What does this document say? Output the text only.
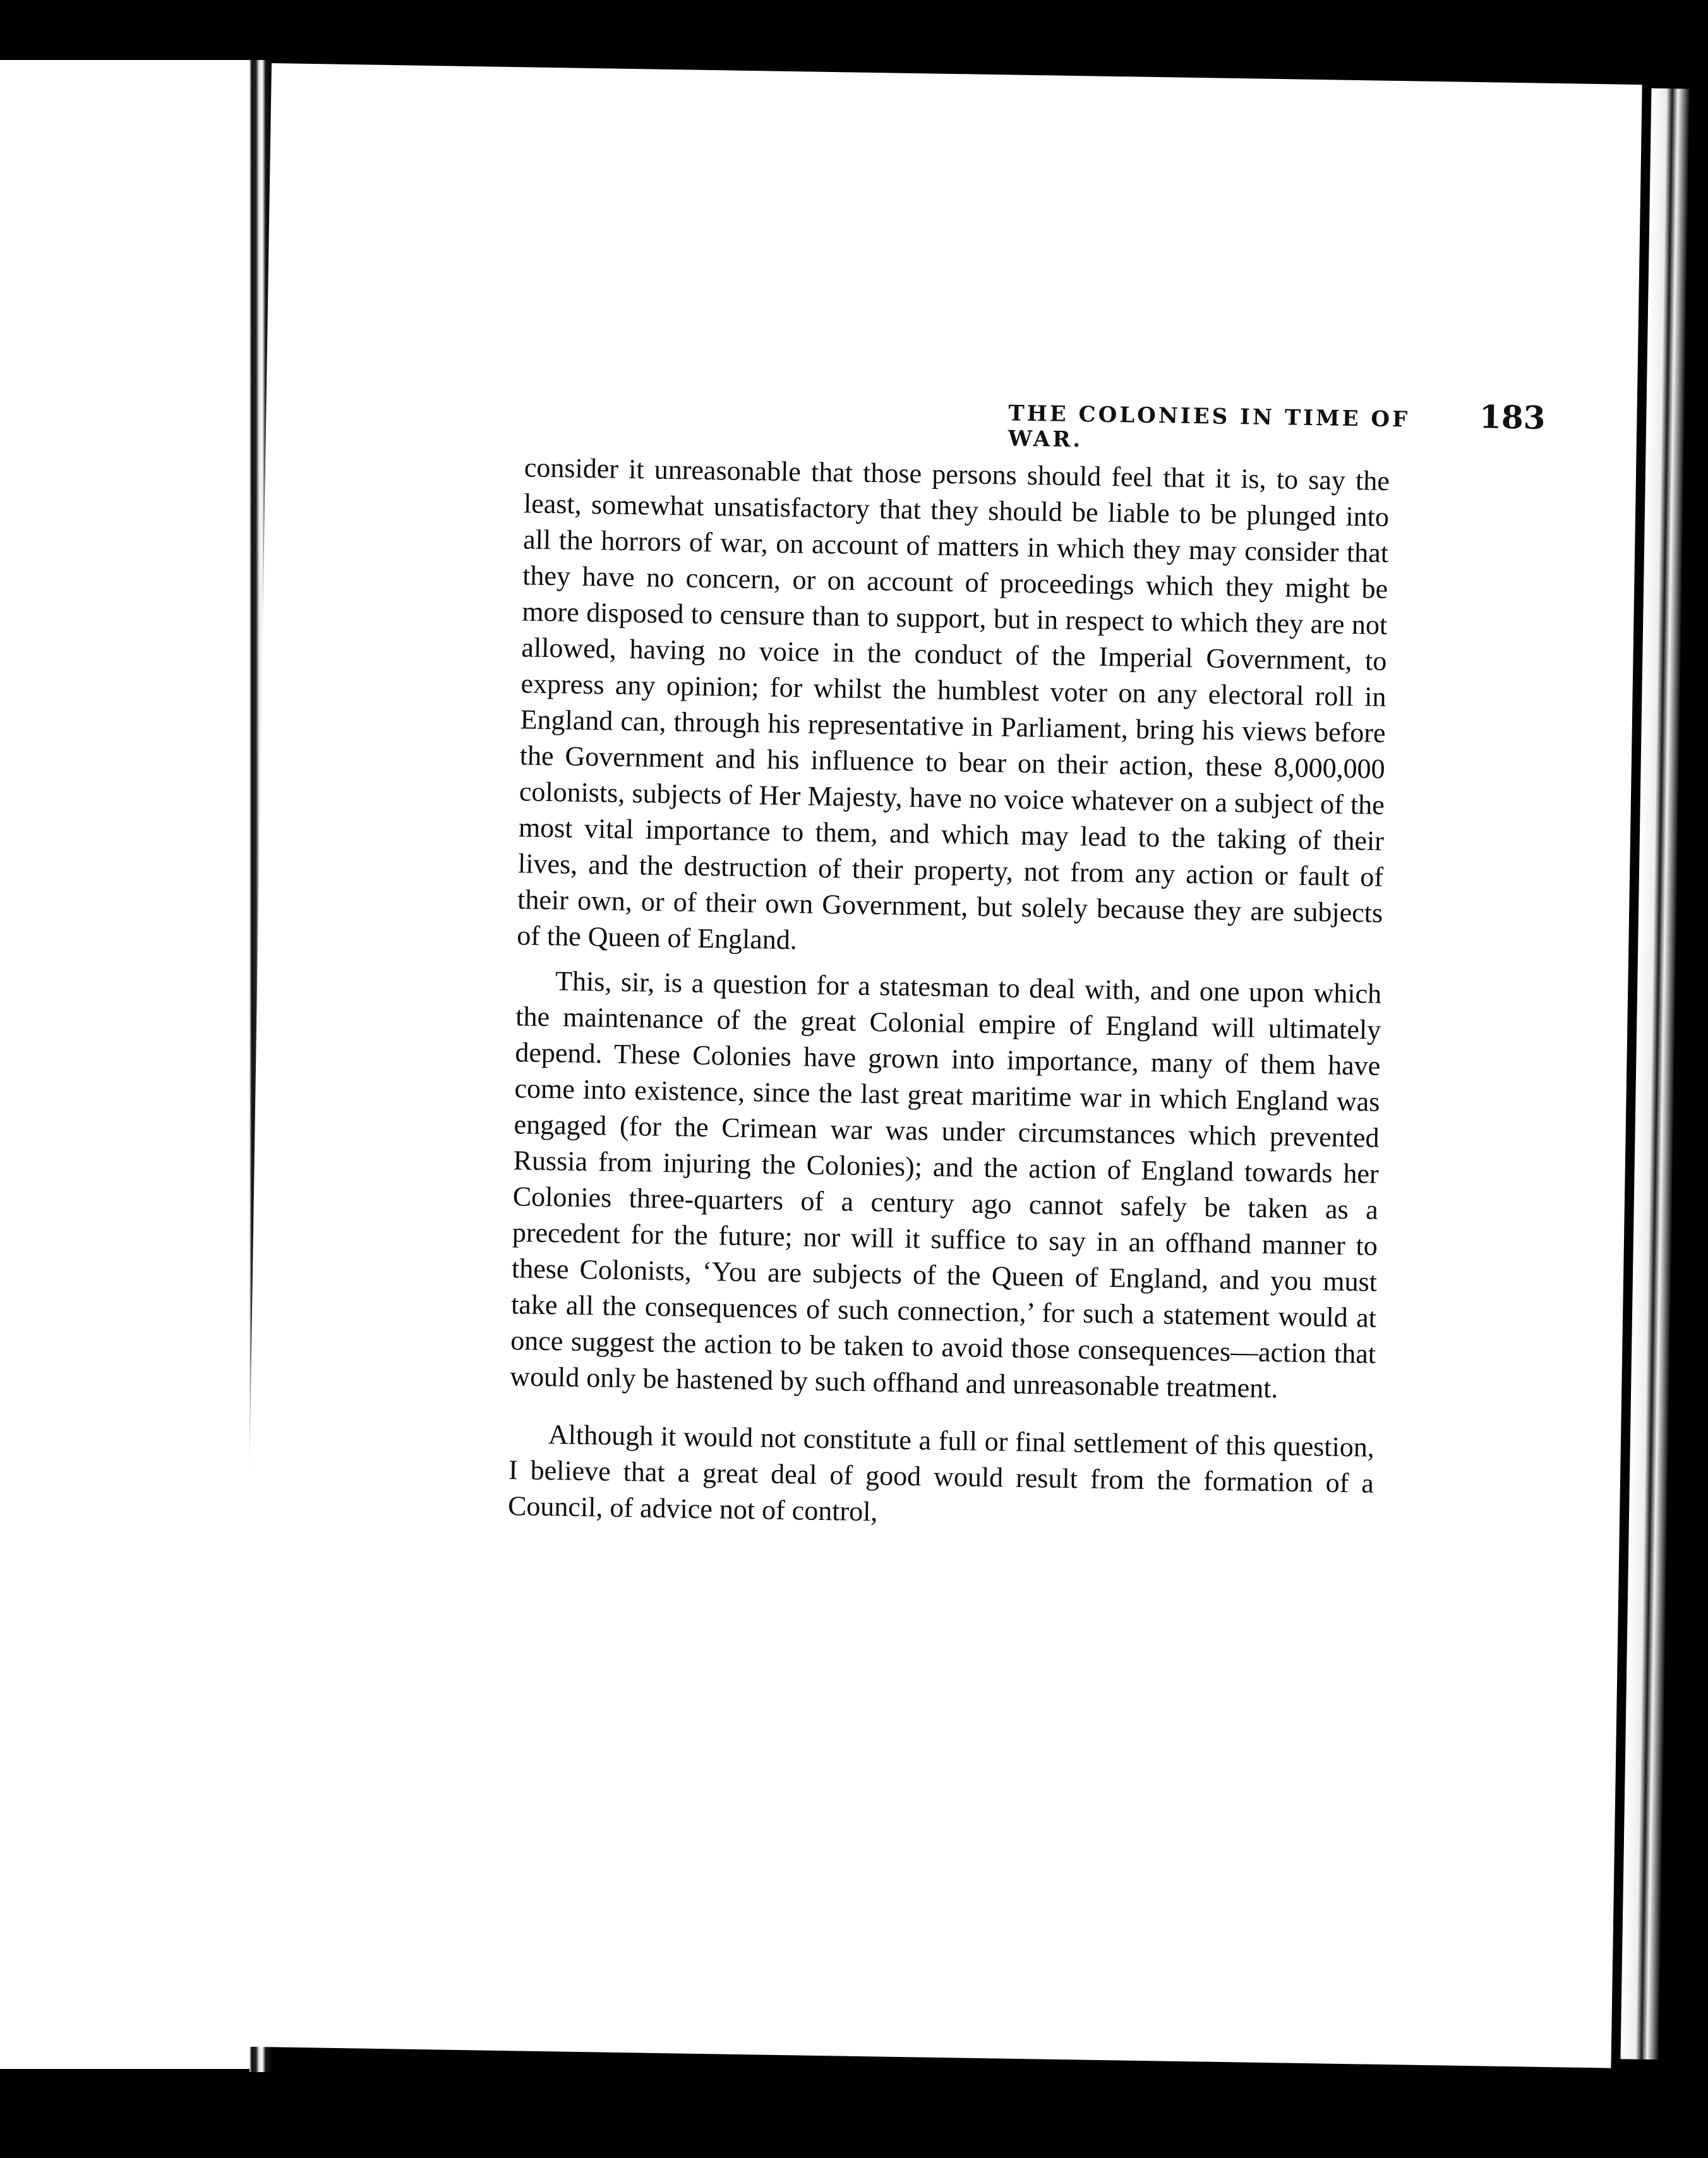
THE COLONIES IN TIME OF WAR.
183

consider it unreasonable that those persons should feel that it is, to say the least, somewhat unsatisfactory that they should be liable to be plunged into all the horrors of war, on account of matters in which they may consider that they have no concern, or on account of proceedings which they might be more disposed to censure than to support, but in respect to which they are not allowed, having no voice in the conduct of the Imperial Government, to express any opinion; for whilst the humblest voter on any electoral roll in England can, through his representative in Parliament, bring his views before the Government and his influence to bear on their action, these 8,000,000 colonists, subjects of Her Majesty, have no voice whatever on a subject of the most vital importance to them, and which may lead to the taking of their lives, and the destruction of their property, not from any action or fault of their own, or of their own Government, but solely because they are subjects of the Queen of England.

This, sir, is a question for a statesman to deal with, and one upon which the maintenance of the great Colonial empire of England will ultimately depend. These Colonies have grown into importance, many of them have come into existence, since the last great maritime war in which England was engaged (for the Crimean war was under circumstances which prevented Russia from injuring the Colonies); and the action of England towards her Colonies three-quarters of a century ago cannot safely be taken as a precedent for the future; nor will it suffice to say in an offhand manner to these Colonists, ‘You are subjects of the Queen of England, and you must take all the consequences of such connection,’ for such a statement would at once suggest the action to be taken to avoid those consequences—action that would only be hastened by such offhand and unreasonable treatment.

Although it would not constitute a full or final settlement of this question, I believe that a great deal of good would result from the formation of a Council, of advice not of control,
